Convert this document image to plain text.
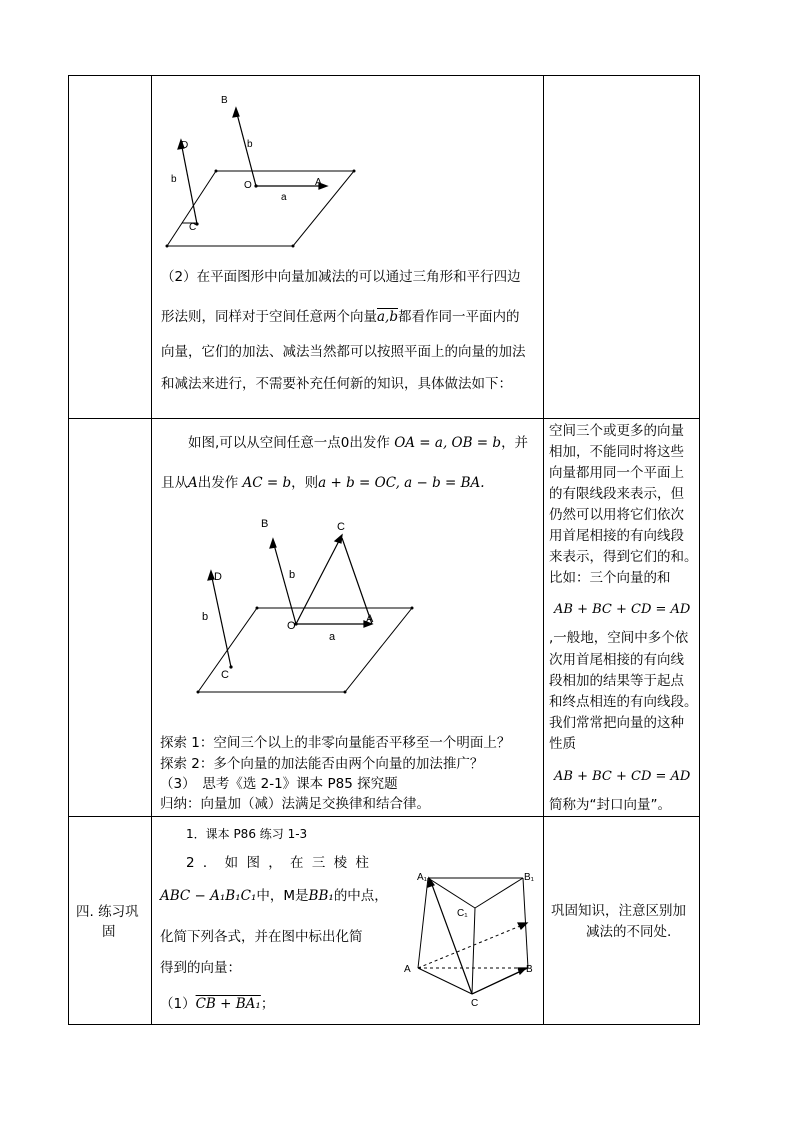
B
b
D
b
O	A
a
C
（2）在平面图形中向量加减法的可以通过三角形和平行四边
形法则，同样对于空间任意两个向量a,b都看作同一平面内的
向量，它们的加法、减法当然都可以按照平面上的向量的加法
和减法来进行，不需要补充任何新的知识，具体做法如下：
如图,可以从空间任意一点0出发作 OA = a, OB = b，并
且从A出发作 AC = b，则a + b = OC, a − b = BA.
B	C
D	b
b
O
A
a
C
探索 1：空间三个以上的非零向量能否平移至一个明面上？
探索 2：多个向量的加法能否由两个向量的加法推广？
（3）　思考《选 2-1》课本 P85 探究题
归纳：向量加（减）法满足交换律和结合律。
空间三个或更多的向量
相加，不能同时将这些
向量都用同一个平面上
的有限线段来表示，但
仍然可以用将它们依次
用首尾相接的有向线段
来表示，得到它们的和。
比如：三个向量的和
AB + BC + CD = AD
,一般地，空间中多个依
次用首尾相接的有向线
段相加的结果等于起点
和终点相连的有向线段。
我们常常把向量的这种
性质
AB + BC + CD = AD
简称为“封口向量”。
四. 练习巩
固
1．课本 P86 练习 1-3
2 ． 如 图 ， 在 三 棱 柱
ABC − A₁B₁C₁中，M是BB₁的中点，
化简下列各式，并在图中标出化简
得到的向量：
（1）CB + BA₁；
A₁	B₁
C₁
A	B
C
巩固知识，注意区别加
减法的不同处.
